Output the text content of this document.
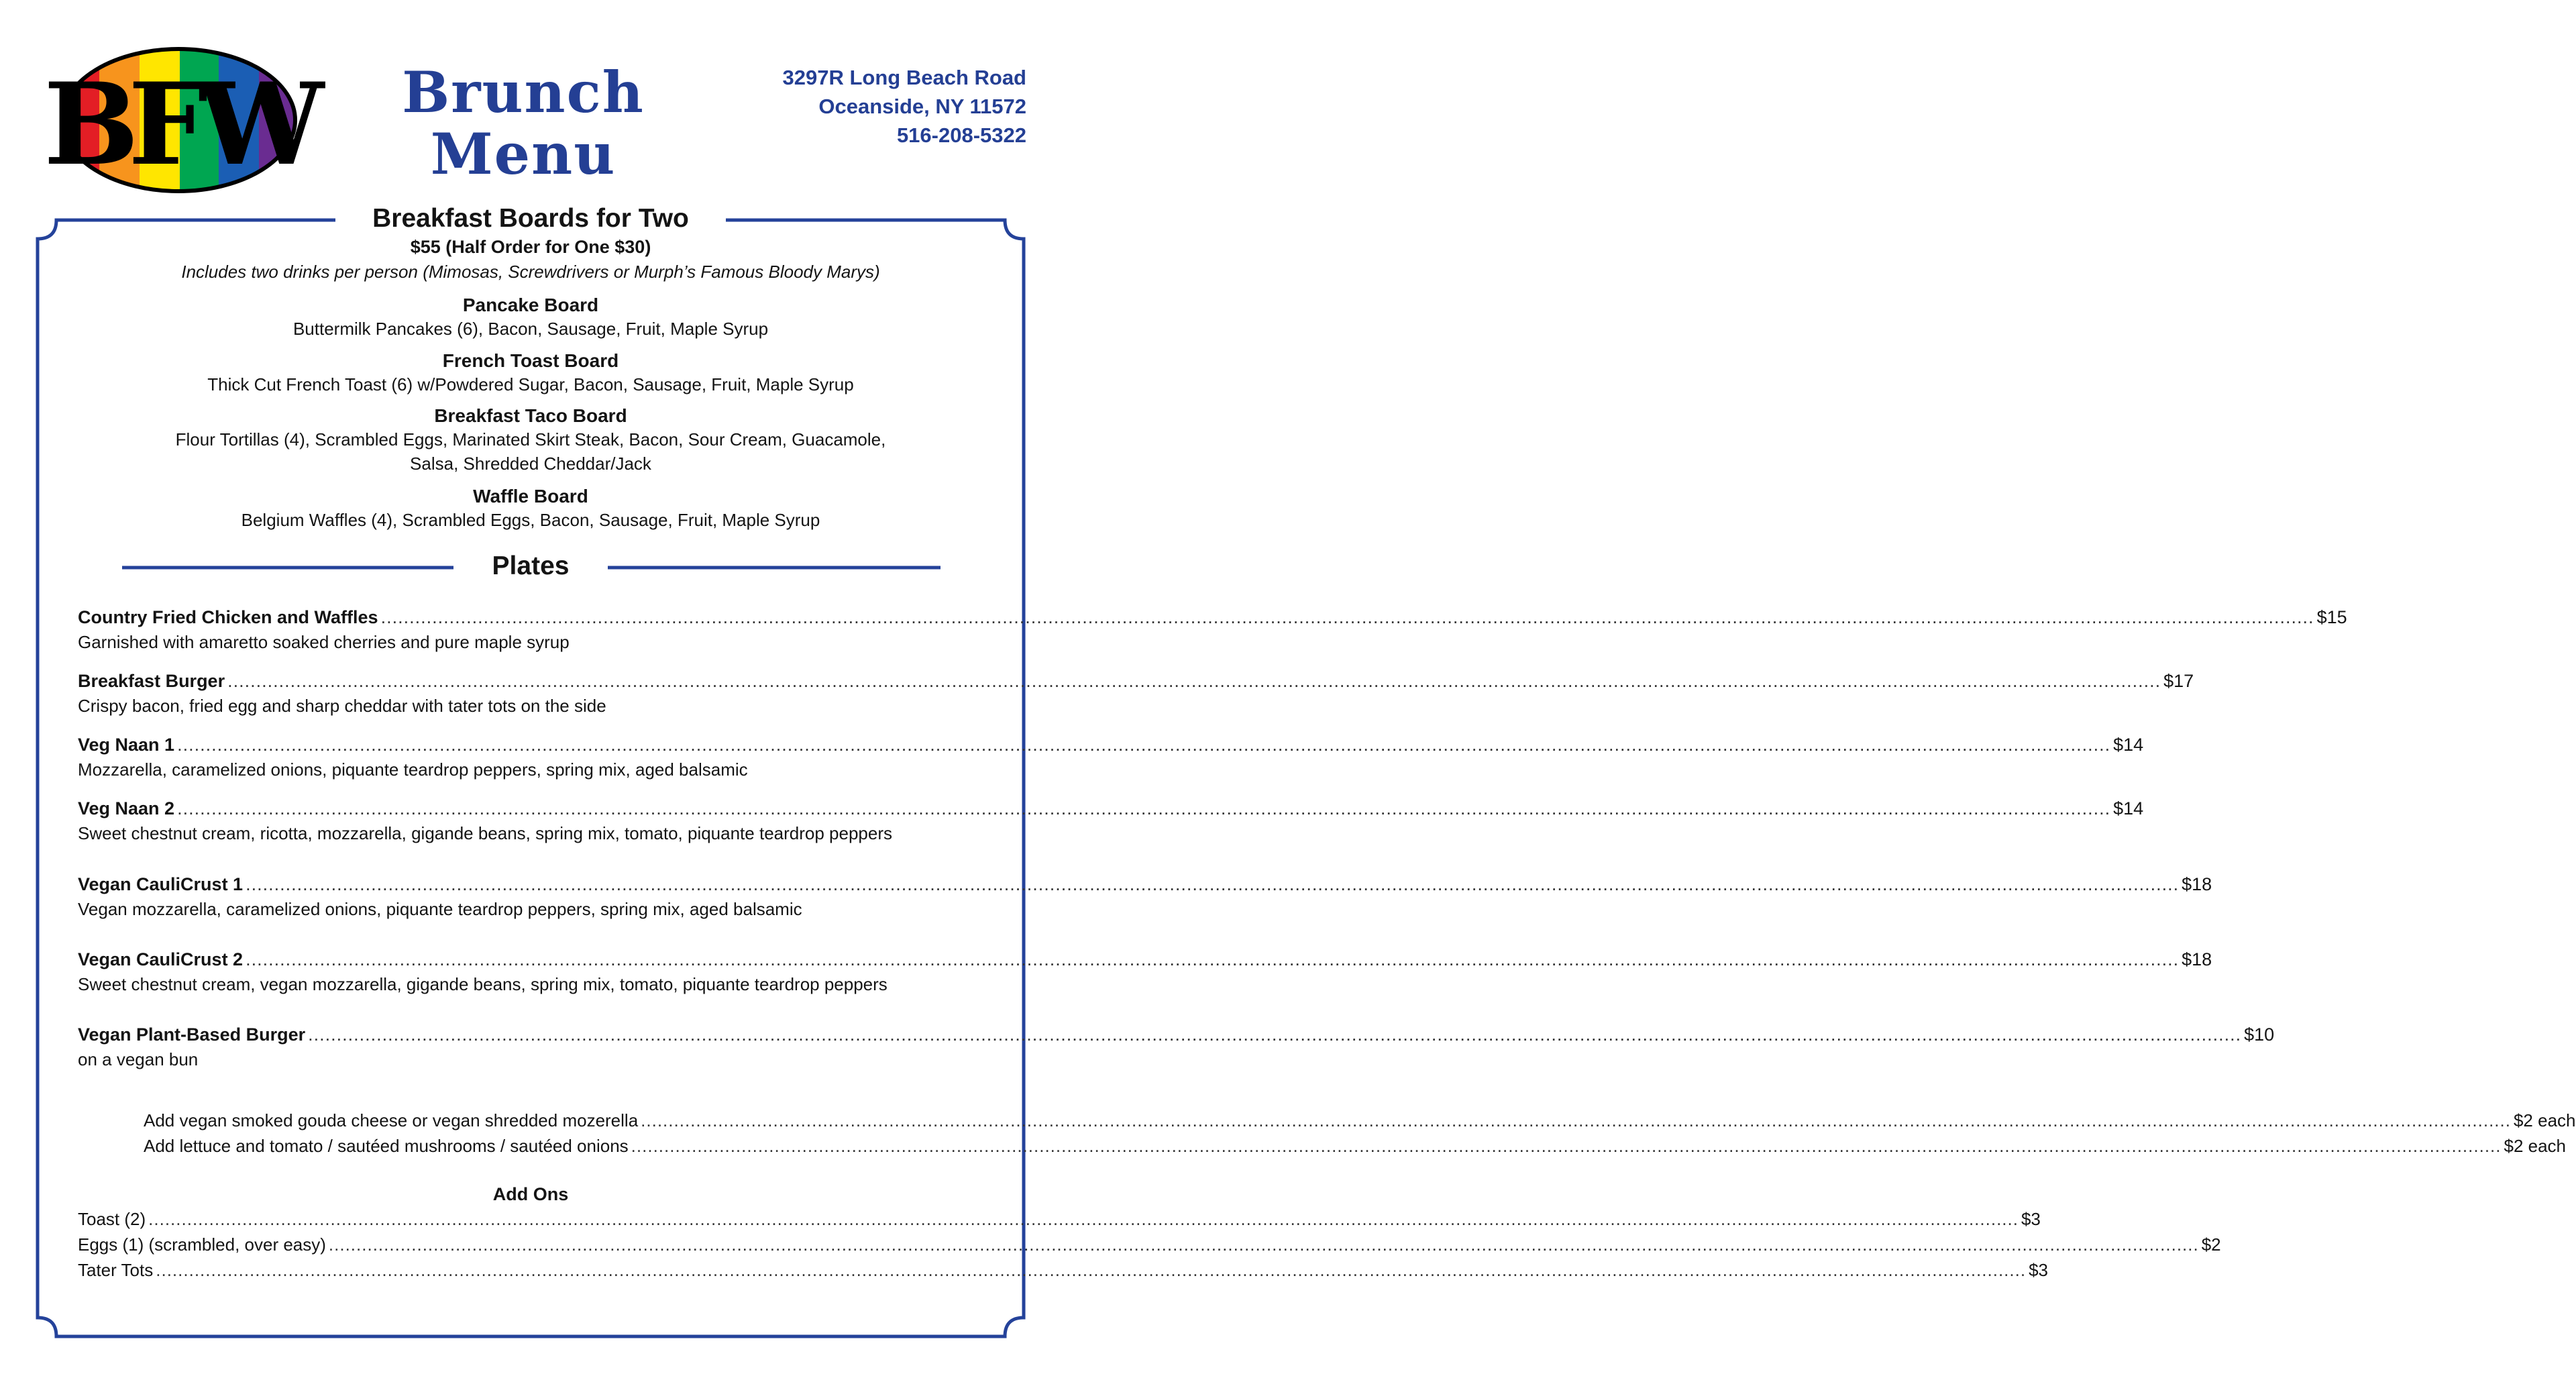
BFW	Brunch
Menu
3297R Long Beach Road
Oceanside, NY 11572
516-208-5322
Breakfast Boards for Two
$55 (Half Order for One $30)
Includes two drinks per person (Mimosas, Screwdrivers or Murph’s Famous Bloody Marys)
Pancake Board
Buttermilk Pancakes (6), Bacon, Sausage, Fruit, Maple Syrup
French Toast Board
Thick Cut French Toast (6) w/Powdered Sugar, Bacon, Sausage, Fruit, Maple Syrup
Breakfast Taco Board
Flour Tortillas (4), Scrambled Eggs, Marinated Skirt Steak, Bacon, Sour Cream, Guacamole,
Salsa, Shredded Cheddar/Jack
Waffle Board
Belgium Waffles (4), Scrambled Eggs, Bacon, Sausage, Fruit, Maple Syrup
Plates
Country Fried Chicken and Waffles .....	$15
Garnished with amaretto soaked cherries and pure maple syrup
Breakfast Burger .....	$17
Crispy bacon, fried egg and sharp cheddar with tater tots on the side
Veg Naan 1 .....	$14
Mozzarella, caramelized onions, piquante teardrop peppers, spring mix, aged balsamic
Veg Naan 2 .....	$14
Sweet chestnut cream, ricotta, mozzarella, gigande beans, spring mix, tomato, piquante teardrop peppers
Vegan CauliCrust 1 .....	$18
Vegan mozzarella, caramelized onions, piquante teardrop peppers, spring mix, aged balsamic
Vegan CauliCrust 2 .....	$18
Sweet chestnut cream, vegan mozzarella, gigande beans, spring mix, tomato, piquante teardrop peppers
Vegan Plant-Based Burger .....	$10
on a vegan bun
Add vegan smoked gouda cheese or vegan shredded mozerella .....	$2 each
Add lettuce and tomato / sautéed mushrooms / sautéed onions .....	$2 each
Add Ons
Toast (2) .....	$3
Eggs (1) (scrambled, over easy) .....	$2
Tater Tots .....	$3
